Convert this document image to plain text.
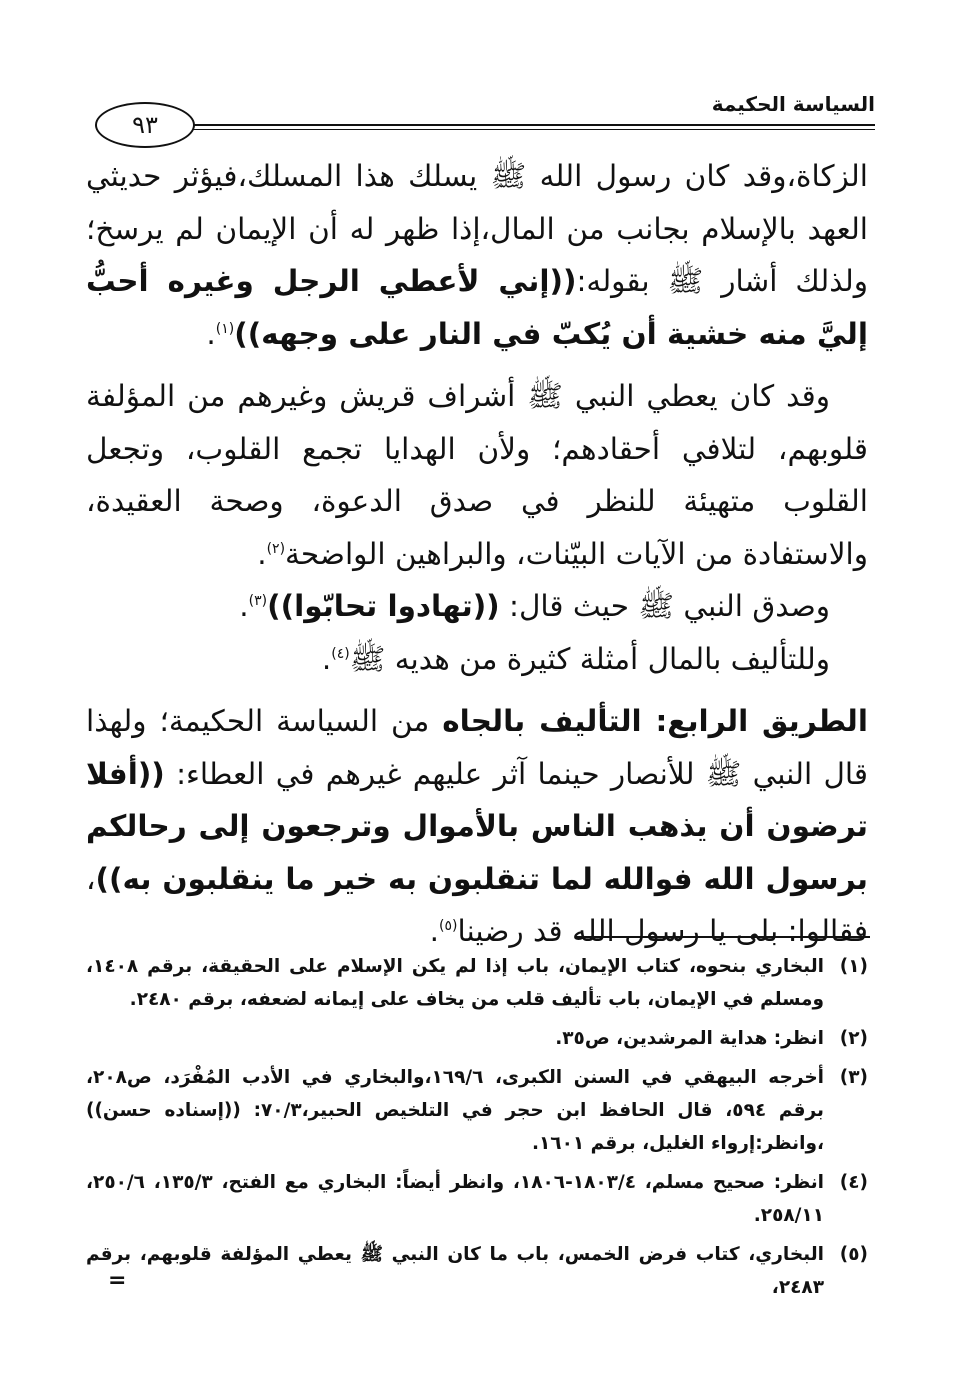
السياسة الحكيمة
٩٣

الزكاة،وقد كان رسول الله ﷺ يسلك هذا المسلك،فيؤثر حديثي العهد بالإسلام بجانب من المال،إذا ظهر له أن الإيمان لم يرسخ؛ولذلك أشار ﷺ بقوله:((إني لأعطي الرجل وغيره أحبُّ إليَّ منه خشية أن يُكبّ في النار على وجهه))$^{(١)}$.

وقد كان يعطي النبي ﷺ أشراف قريش وغيرهم من المؤلفة قلوبهم، لتلافي أحقادهم؛ ولأن الهدايا تجمع القلوب، وتجعل القلوب متهيئة للنظر في صدق الدعوة، وصحة العقيدة، والاستفادة من الآيات البيّنات، والبراهين الواضحة$^{(٢)}$.

وصدق النبي ﷺ حيث قال: ((تهادوا تحابّوا))$^{(٣)}$.

وللتأليف بالمال أمثلة كثيرة من هديه ﷺ$^{(٤)}$.

الطريق الرابع: التأليف بالجاه من السياسة الحكيمة؛ ولهذا قال النبي ﷺ للأنصار حينما آثر عليهم غيرهم في العطاء: ((أفلا ترضون أن يذهب الناس بالأموال وترجعون إلى رحالكم برسول الله فوالله لما تنقلبون به خير ما ينقلبون به))، فقالوا: بلى يا رسول الله قد رضينا$^{(٥)}$.

(١)
البخاري بنحوه، كتاب الإيمان، باب إذا لم يكن الإسلام على الحقيقة، برقم ١٤٠٨، ومسلم في الإيمان، باب تأليف قلب من يخاف على إيمانه لضعفه، برقم ٢٤٨٠.
(٢)
انظر: هداية المرشدين، ص٣٥.
(٣)
أخرجه البيهقي في السنن الكبرى، ١٦٩/٦،والبخاري في الأدب المُفْرَد، ص٢٠٨، برقم ٥٩٤، قال الحافظ ابن حجر في التلخيص الحبير،٧٠/٣: ((إسناده حسن)) ،وانظر:إرواء الغليل، برقم ١٦٠١.
(٤)
انظر: صحيح مسلم، ١٨٠٣/٤-١٨٠٦، وانظر أيضاً: البخاري مع الفتح، ١٣٥/٣، ٢٥٠/٦، ٢٥٨/١١.
(٥)
البخاري، كتاب فرض الخمس، باب ما كان النبي ﷺ يعطي المؤلفة قلوبهم، برقم ٢٤٨٣،
=
